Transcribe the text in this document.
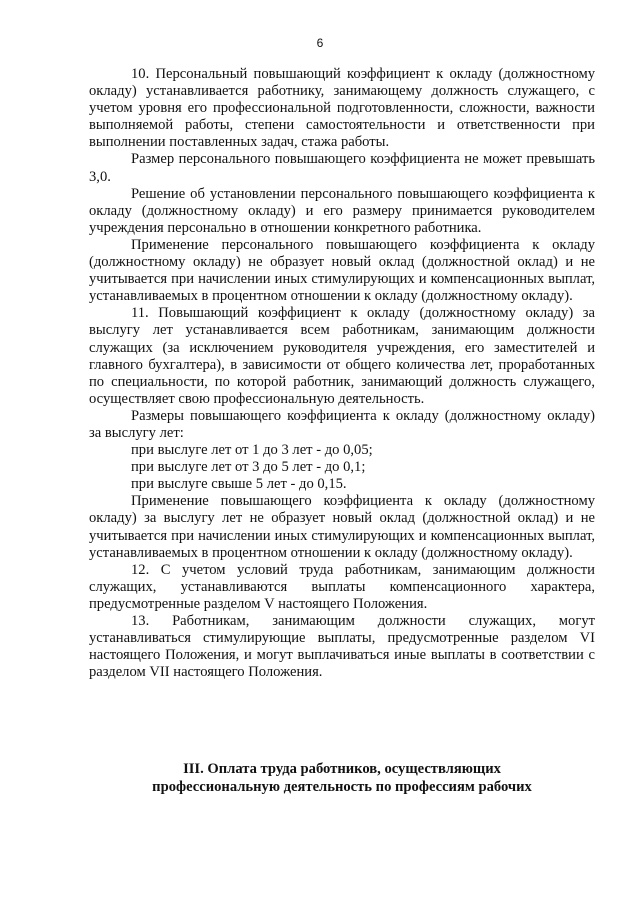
6

10. Персональный повышающий коэффициент к окладу (должностному окладу) устанавливается работнику, занимающему должность служащего, с учетом уровня его профессиональной подготовленности, сложности, важности выполняемой работы, степени самостоятельности и ответственности при выполнении поставленных задач, стажа работы.

Размер персонального повышающего коэффициента не может превышать 3,0.

Решение об установлении персонального повышающего коэффициента к окладу (должностному окладу) и его размеру принимается руководителем учреждения персонально в отношении конкретного работника.

Применение персонального повышающего коэффициента к окладу (должностному окладу) не образует новый оклад (должностной оклад) и не учитывается при начислении иных стимулирующих и компенсационных выплат, устанавливаемых в процентном отношении к окладу (должностному окладу).

11. Повышающий коэффициент к окладу (должностному окладу) за выслугу лет устанавливается всем работникам, занимающим должности служащих (за исключением руководителя учреждения, его заместителей и главного бухгалтера), в зависимости от общего количества лет, проработанных по специальности, по которой работник, занимающий должность служащего, осуществляет свою профессиональную деятельность.

Размеры повышающего коэффициента к окладу (должностному окладу) за выслугу лет:

при выслуге лет от 1 до 3 лет - до 0,05;

при выслуге лет от 3 до 5 лет - до 0,1;

при выслуге свыше 5 лет - до 0,15.

Применение повышающего коэффициента к окладу (должностному окладу) за выслугу лет не образует новый оклад (должностной оклад) и не учитывается при начислении иных стимулирующих и компенсационных выплат, устанавливаемых в процентном отношении к окладу (должностному окладу).

12. С учетом условий труда работникам, занимающим должности служащих, устанавливаются выплаты компенсационного характера, предусмотренные разделом V настоящего Положения.

13. Работникам, занимающим должности служащих, могут устанавливаться стимулирующие выплаты, предусмотренные разделом VI настоящего Положения, и могут выплачиваться иные выплаты в соответствии с разделом VII настоящего Положения.

III. Оплата труда работников, осуществляющих
профессиональную деятельность по профессиям рабочих
